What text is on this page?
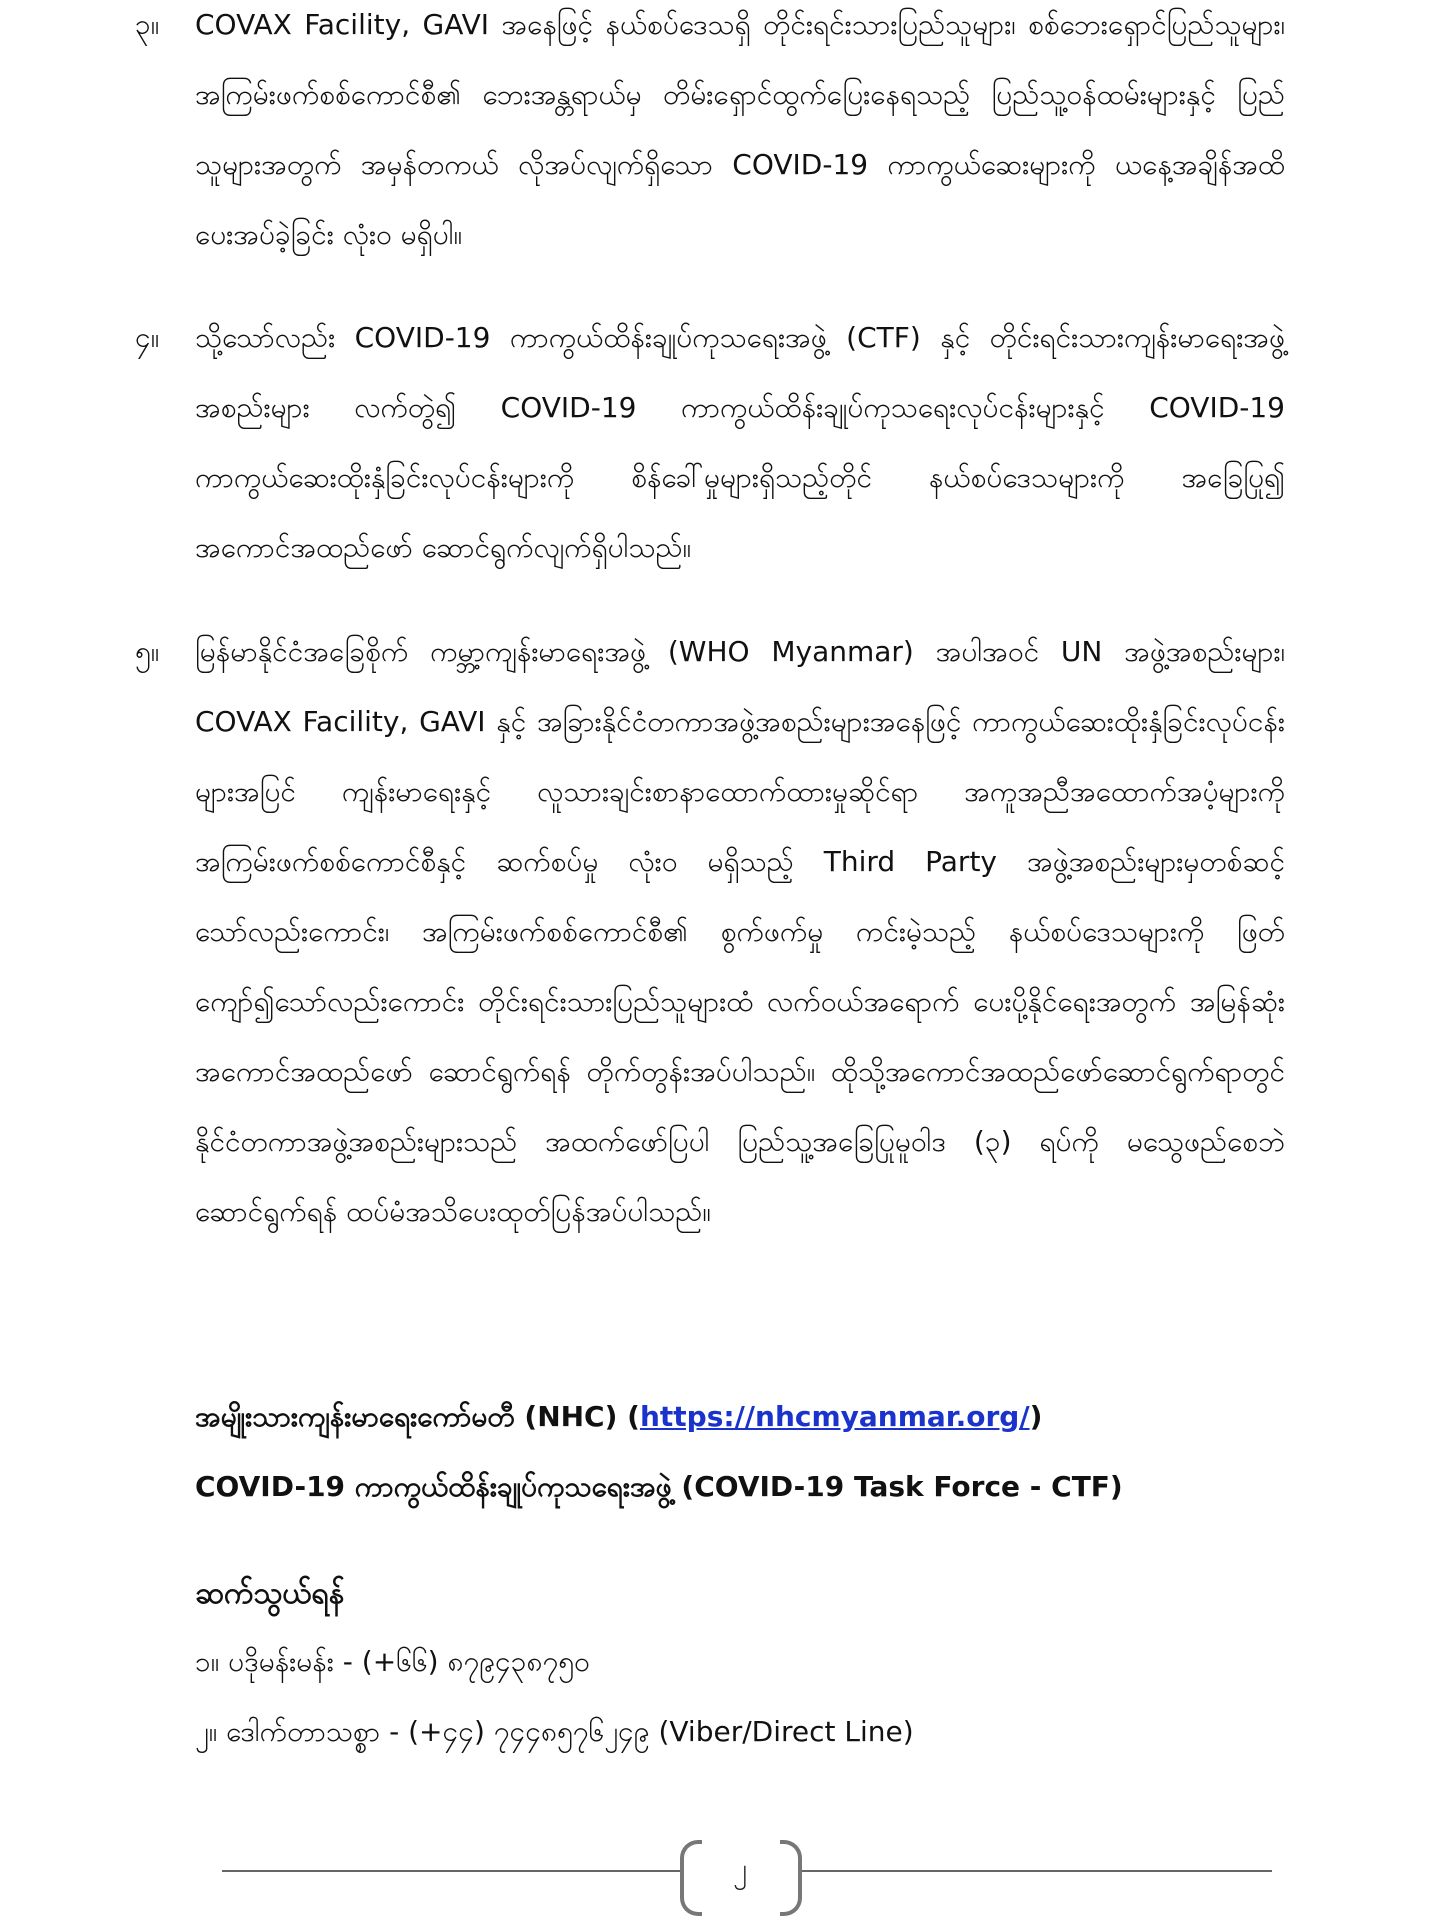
၃။	COVAX Facility, GAVI အနေဖြင့် နယ်စပ်ဒေသရှိ တိုင်းရင်းသားပြည်သူများ၊ စစ်ဘေးရှောင်ပြည်သူများ၊ အကြမ်းဖက်စစ်ကောင်စီ၏ ဘေးအန္တရာယ်မှ တိမ်းရှောင်ထွက်ပြေးနေရသည့် ပြည်သူ့ဝန်ထမ်းများနှင့် ပြည်သူများအတွက် အမှန်တကယ် လိုအပ်လျက်ရှိသော COVID-19 ကာကွယ်ဆေးများကို ယနေ့အချိန်အထိ ပေးအပ်ခဲ့ခြင်း လုံးဝ မရှိပါ။
၄။	သို့သော်လည်း COVID-19 ကာကွယ်ထိန်းချုပ်ကုသရေးအဖွဲ့ (CTF) နှင့် တိုင်းရင်းသားကျန်းမာရေးအဖွဲ့အစည်းများ လက်တွဲ၍ COVID-19 ကာကွယ်ထိန်းချုပ်ကုသရေးလုပ်ငန်းများနှင့် COVID-19 ကာကွယ်ဆေးထိုးနှံခြင်းလုပ်ငန်းများကို စိန်ခေါ်မှုများရှိသည့်တိုင် နယ်စပ်ဒေသများကို အခြေပြု၍ အကောင်အထည်ဖော် ဆောင်ရွက်လျက်ရှိပါသည်။
၅။	မြန်မာနိုင်ငံအခြေစိုက် ကမ္ဘာ့ကျန်းမာရေးအဖွဲ့ (WHO Myanmar) အပါအဝင် UN အဖွဲ့အစည်းများ၊ COVAX Facility, GAVI နှင့် အခြားနိုင်ငံတကာအဖွဲ့အစည်းများအနေဖြင့် ကာကွယ်ဆေးထိုးနှံခြင်းလုပ်ငန်းများအပြင် ကျန်းမာရေးနှင့် လူသားချင်းစာနာထောက်ထားမှုဆိုင်ရာ အကူအညီအထောက်အပံ့များကို အကြမ်းဖက်စစ်ကောင်စီနှင့် ဆက်စပ်မှု လုံးဝ မရှိသည့် Third Party အဖွဲ့အစည်းများမှတစ်ဆင့်သော်လည်းကောင်း၊ အကြမ်းဖက်စစ်ကောင်စီ၏ စွက်ဖက်မှု ကင်းမဲ့သည့် နယ်စပ်ဒေသများကို ဖြတ်ကျော်၍သော်လည်းကောင်း တိုင်းရင်းသားပြည်သူများထံ လက်ဝယ်အရောက် ပေးပို့နိုင်ရေးအတွက် အမြန်ဆုံးအကောင်အထည်ဖော် ဆောင်ရွက်ရန် တိုက်တွန်းအပ်ပါသည်။ ထိုသို့အကောင်အထည်ဖော်ဆောင်ရွက်ရာတွင် နိုင်ငံတကာအဖွဲ့အစည်းများသည် အထက်ဖော်ပြပါ ပြည်သူ့အခြေပြုမူဝါဒ (၃) ရပ်ကို မသွေဖည်စေဘဲ ဆောင်ရွက်ရန် ထပ်မံအသိပေးထုတ်ပြန်အပ်ပါသည်။
အမျိုးသားကျန်းမာရေးကော်မတီ (NHC) (https://nhcmyanmar.org/)
COVID-19 ကာကွယ်ထိန်းချုပ်ကုသရေးအဖွဲ့ (COVID-19 Task Force - CTF)
ဆက်သွယ်ရန်
၁။ ပဒိုမန်းမန်း - (+၆၆) ၈၇၉၄၃၈၇၅၀
၂။ ဒေါက်တာသစ္စာ - (+၄၄) ၇၄၄၈၅၇၆၂၄၉ (Viber/Direct Line)
၂
